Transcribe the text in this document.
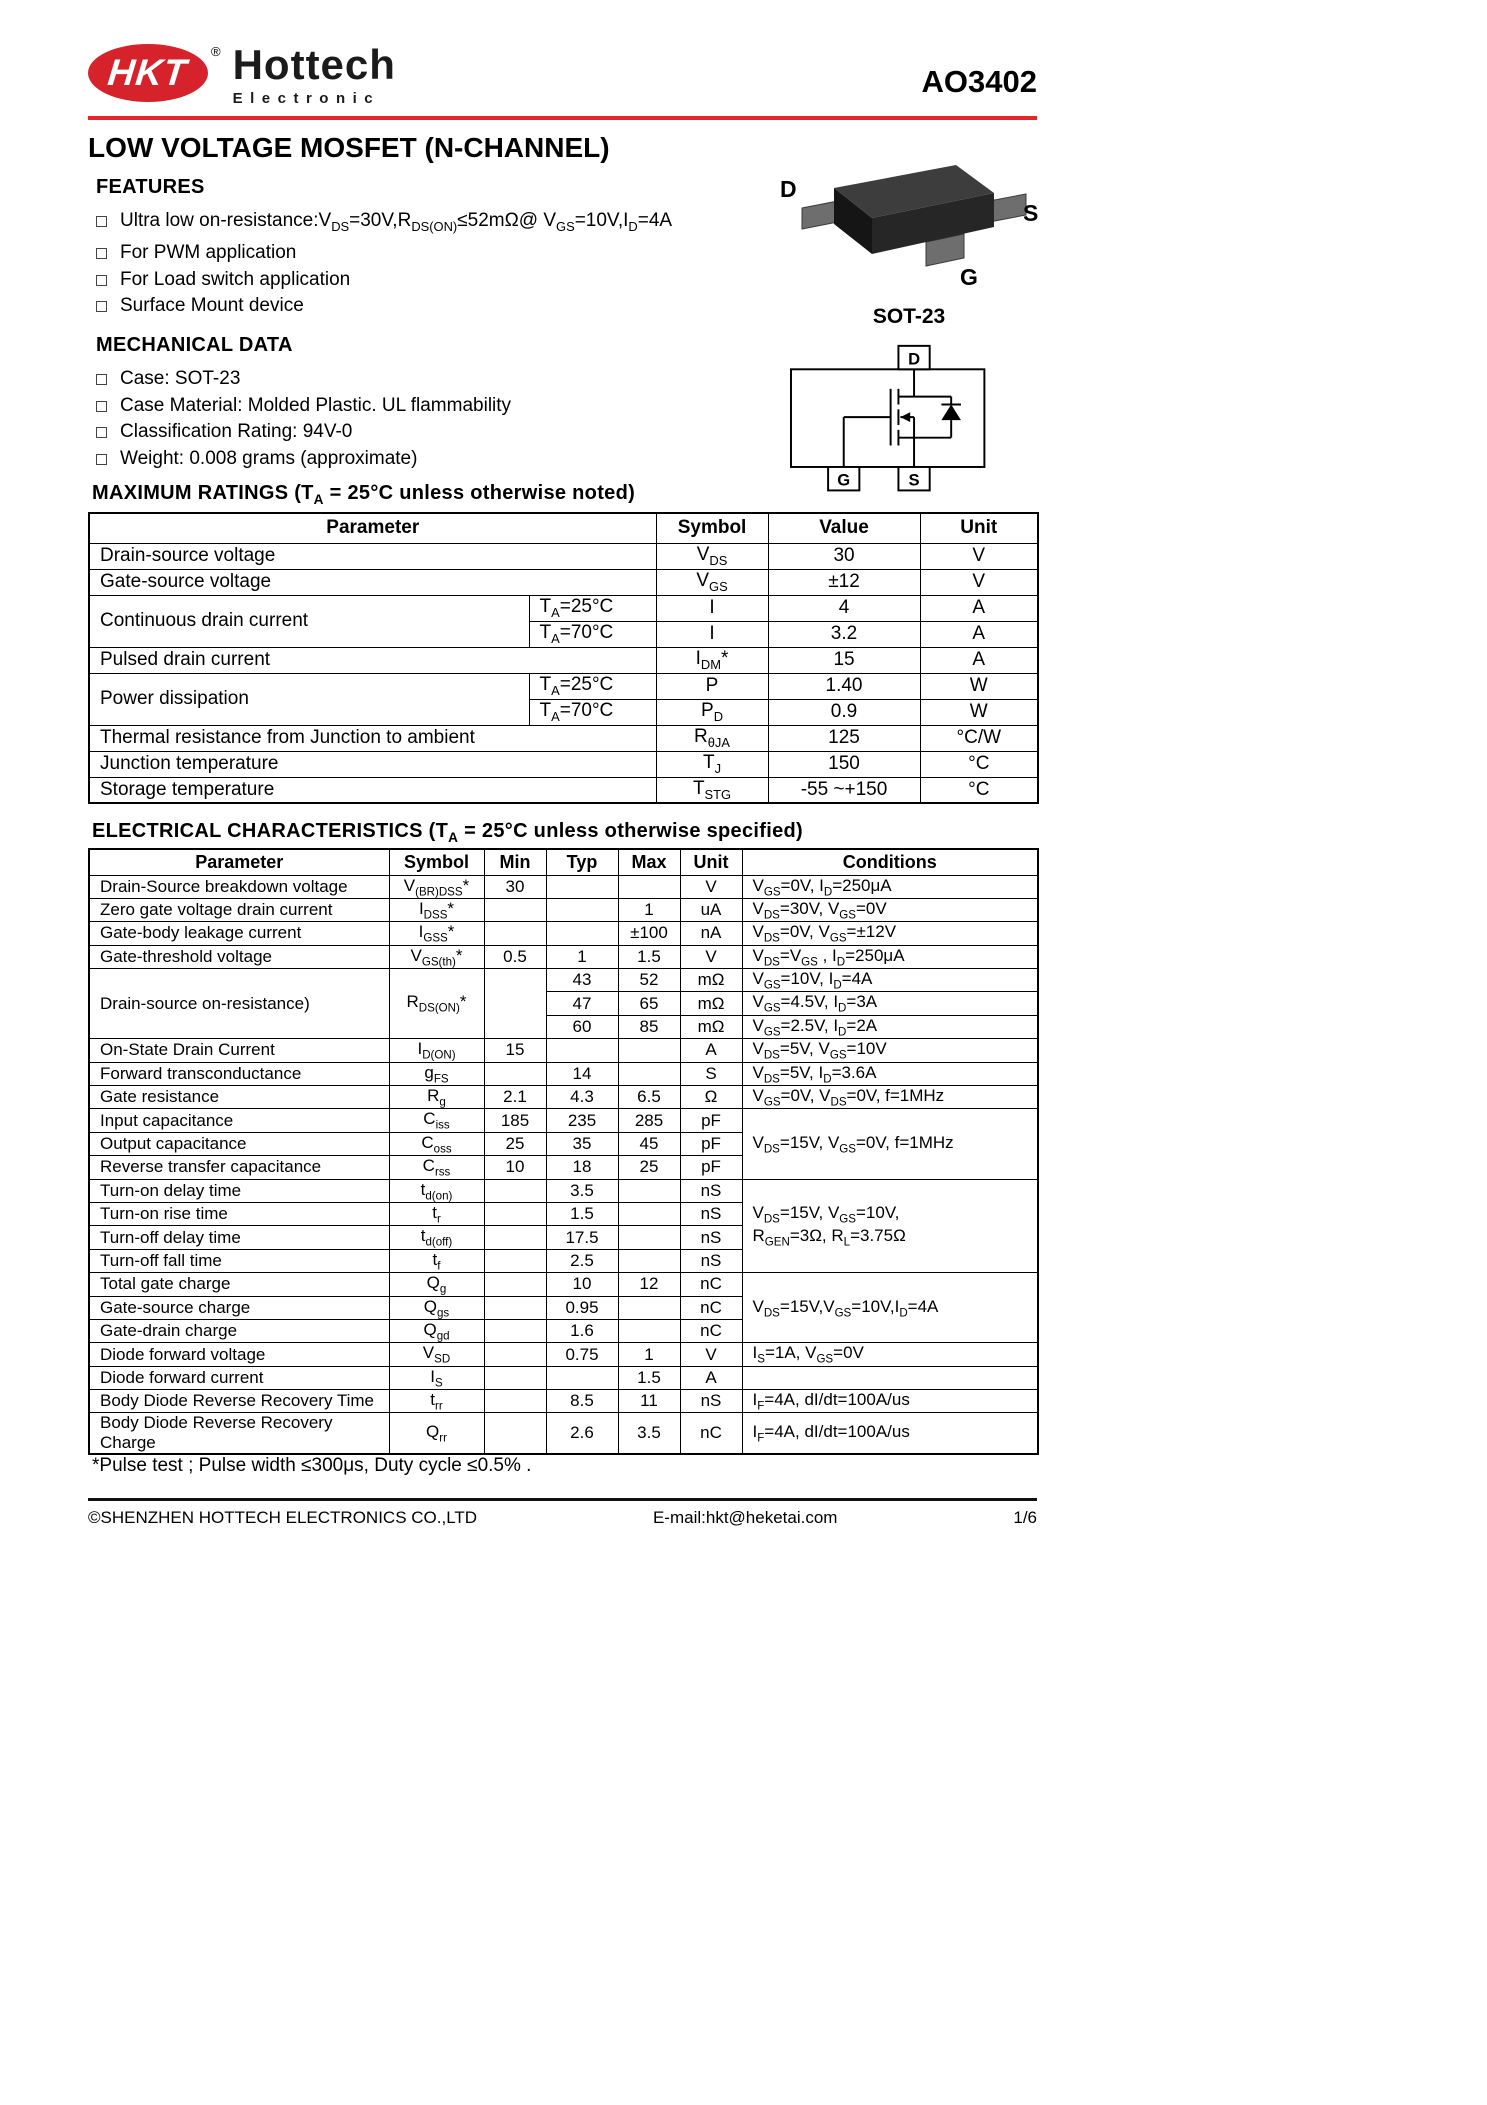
HKT
® Hottech
Electronic	AO3402
LOW VOLTAGE MOSFET (N-CHANNEL)
FEATURES
Ultra low $on-resistance:V_{DS}=30V,R_{DS(ON)}\le 52m\Omega@$ $V_{GS}=10V,I_D=4A$
For PWM application
For Load switch application
Surface Mount device
D
S
G
SOT-23
MECHANICAL DATA
Case: SOT-23
Case Material: Molded Plastic. UL flammability
Classification Rating: 94V-0
Weight: 0.008 grams (approximate)
D
G	S
MAXIMUM RATINGS ($T_A = 25^\circ C$ unless otherwise noted)
Parameter		Symbol	Value	Unit
Drain-source voltage		$V_{DS}$	30	V
Gate-source voltage		$V_{GS}$	±12	V
Continuous drain current	$T_A=25^\circ C$	I	4	A
	$T_A=70^\circ C$	I	3.2	A
Pulsed drain current		$I_{DM}*$	15	A
Power dissipation	$T_A=25^\circ C$	P	1.40	W
	$T_A=70^\circ C$	$P_D$	0.9	W
Thermal resistance from Junction to ambient		$R_{\theta JA}$	125	°C/W
Junction temperature		$T_J$	150	°C
Storage temperature		$T_{STG}$	-55 ~+150	°C
ELECTRICAL CHARACTERISTICS ($T_A = 25^\circ C$ unless otherwise specified)
Parameter	Symbol	Min	Typ	Max	Unit	Conditions
Drain-Source breakdown voltage	$V_{(BR)DSS}*$	30			V	$V_{GS}=0V$, $I_D=250\mu A$
Zero gate voltage drain current	$I_{DSS}*$			1	uA	$V_{DS}=30V$, $V_{GS}=0V$
Gate-body leakage current	$I_{GSS}*$			±100	nA	$V_{DS}=0V$, $V_{GS}=\pm 12V$
Gate-threshold voltage	$V_{GS(th)}*$	0.5	1	1.5	V	$V_{DS}=V_{GS}$ , $I_D=250\mu A$
Drain-source on-resistance)	$R_{DS(ON)}*$		43	52	mΩ	$V_{GS}=10V$, $I_D=4A$
			47	65	mΩ	$V_{GS}=4.5V$, $I_D=3A$
			60	85	mΩ	$V_{GS}=2.5V$, $I_D=2A$
On-State Drain Current	$I_{D(ON)}$	15			A	$V_{DS}=5V$, $V_{GS}=10V$
Forward transconductance	$g_{FS}$		14		S	$V_{DS}=5V$, $I_D=3.6A$
Gate resistance	$R_g$	2.1	4.3	6.5	Ω	$V_{GS}=0V$, $V_{DS}=0V$, f=1MHz
Input capacitance	$C_{iss}$	185	235	285	pF	$V_{DS}=15V$, $V_{GS}=0V$, f=1MHz
Output capacitance	$C_{oss}$	25	35	45	pF	
Reverse transfer capacitance	$C_{rss}$	10	18	25	pF	
Turn-on delay time	$t_{d(on)}$		3.5		nS	$V_{DS}=15V$, $V_{GS}=10V$,
$R_{GEN}=3\Omega$, $R_L=3.75\Omega$
Turn-on rise time	$t_r$		1.5		nS	
Turn-off delay time	$t_{d(off)}$		17.5		nS	
Turn-off fall time	$t_f$		2.5		nS	
Total gate charge	$Q_g$		10	12	nC	$V_{DS}=15V,V_{GS}=10V,I_D=4A$
Gate-source charge	$Q_{gs}$		0.95		nC	
Gate-drain charge	$Q_{gd}$		1.6		nC	
Diode forward voltage	$V_{SD}$		0.75	1	V	$I_S=1A$, $V_{GS}=0V$
Diode forward current	$I_S$			1.5	A	
Body Diode Reverse Recovery Time	$t_{rr}$		8.5	11	nS	$I_F=4A$, dI/dt=100A/us
Body Diode Reverse Recovery Charge	$Q_{rr}$		2.6	3.5	nC	$I_F=4A$, dI/dt=100A/us
*Pulse test ; Pulse width ≤300μs, Duty cycle ≤0.5% .
©SHENZHEN HOTTECH ELECTRONICS CO.,LTD	E-mail:hkt@heketai.com	1/6
